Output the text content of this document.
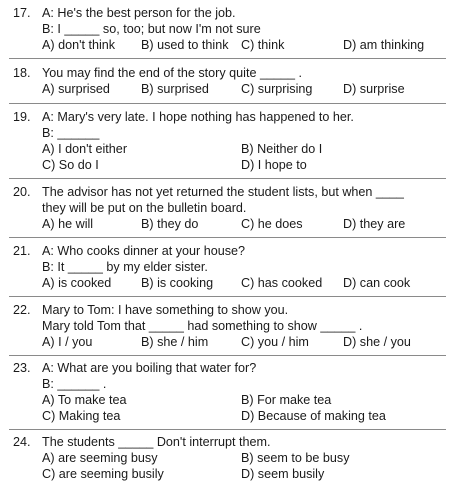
17. A: He's the best person for the job.
B: I _____ so, too; but now I'm not sure
A) don't think B) used to think C) think	D) am thinking
18. You may find the end of the story quite _____ .
A) surprised B) surprised	C) surprising D) surprise
19. A: Mary's very late. I hope nothing has happened to her.
B: ______
A) I don't either	B) Neither do I
C) So do I	D) I hope to
20. The advisor has not yet returned the student lists, but when ____
they will be put on the bulletin board.
A) he will	B) they do	C) he does	D) they are
21. A: Who cooks dinner at your house?
B: It _____ by my elder sister.
A) is cooked B) is cooking C) has cooked D) can cook
22. Mary to Tom: I have something to show you.
Mary told Tom that _____ had something to show _____ .
A) I / you	B) she / him	C) you / him	D) she / you
23. A: What are you boiling that water for?
B: ______ .
A) To make tea	B) For make tea
C) Making tea	D) Because of making tea
24. The students _____ Don't interrupt them.
A) are seeming busy	B) seem to be busy
C) are seeming busily	D) seem busily
